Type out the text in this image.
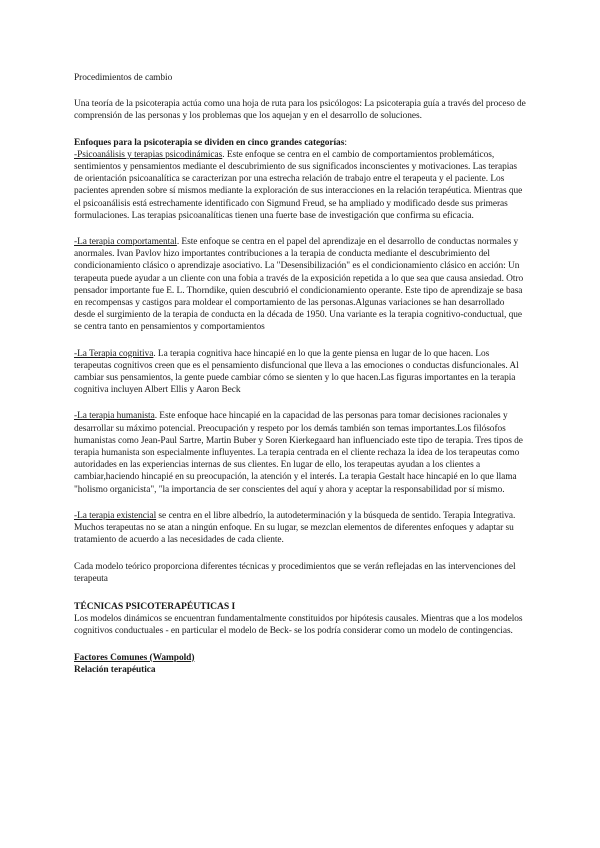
Procedimientos de cambio

Una teoría de la psicoterapia actúa como una hoja de ruta para los psicólogos: La psicoterapia guía a través del proceso de comprensión de las personas y los problemas que los aquejan y en el desarrollo de soluciones.

Enfoques para la psicoterapia se dividen en cinco grandes categorías:

-Psicoanálisis y terapias psicodinámicas. Este enfoque se centra en el cambio de comportamientos problemáticos, sentimientos y pensamientos mediante el descubrimiento de sus significados inconscientes y motivaciones. Las terapias de orientación psicoanalítica se caracterizan por una estrecha relación de trabajo entre el terapeuta y el paciente. Los pacientes aprenden sobre sí mismos mediante la exploración de sus interacciones en la relación terapéutica. Mientras que el psicoanálisis está estrechamente identificado con Sigmund Freud, se ha ampliado y modificado desde sus primeras formulaciones. Las terapias psicoanalíticas tienen una fuerte base de investigación que confirma su eficacia.

-La terapia comportamental. Este enfoque se centra en el papel del aprendizaje en el desarrollo de conductas normales y anormales. Ivan Pavlov hizo importantes contribuciones a la terapia de conducta mediante el descubrimiento del condicionamiento clásico o aprendizaje asociativo. La "Desensibilización" es el condicionamiento clásico en acción: Un terapeuta puede ayudar a un cliente con una fobia a través de la exposición repetida a lo que sea que causa ansiedad. Otro pensador importante fue E. L. Thorndike, quien descubrió el condicionamiento operante. Este tipo de aprendizaje se basa en recompensas y castigos para moldear el comportamiento de las personas.Algunas variaciones se han desarrollado desde el surgimiento de la terapia de conducta en la década de 1950. Una variante es la terapia cognitivo-conductual, que se centra tanto en pensamientos y comportamientos

-La Terapia cognitiva. La terapia cognitiva hace hincapié en lo que la gente piensa en lugar de lo que hacen. Los terapeutas cognitivos creen que es el pensamiento disfuncional que lleva a las emociones o conductas disfuncionales. Al cambiar sus pensamientos, la gente puede cambiar cómo se sienten y lo que hacen.Las figuras importantes en la terapia cognitiva incluyen Albert Ellis y Aaron Beck

-La terapia humanista. Este enfoque hace hincapié en la capacidad de las personas para tomar decisiones racionales y desarrollar su máximo potencial. Preocupación y respeto por los demás también son temas importantes.Los filósofos humanistas como Jean-Paul Sartre, Martin Buber y Soren Kierkegaard han influenciado este tipo de terapia. Tres tipos de terapia humanista son especialmente influyentes. La terapia centrada en el cliente rechaza la idea de los terapeutas como autoridades en las experiencias internas de sus clientes. En lugar de ello, los terapeutas ayudan a los clientes a cambiar,haciendo hincapié en su preocupación, la atención y el interés. La terapia Gestalt hace hincapié en lo que llama "holismo organicista", "la importancia de ser conscientes del aquí y ahora y aceptar la responsabilidad por sí mismo.

-La terapia existencial se centra en el libre albedrío, la autodeterminación y la búsqueda de sentido. Terapia Integrativa. Muchos terapeutas no se atan a ningún enfoque. En su lugar, se mezclan elementos de diferentes enfoques y adaptar su tratamiento de acuerdo a las necesidades de cada cliente.

Cada modelo teórico proporciona diferentes técnicas y procedimientos que se verán reflejadas en las intervenciones del terapeuta

TÉCNICAS PSICOTERAPÉUTICAS I

Los modelos dinámicos se encuentran fundamentalmente constituidos por hipótesis causales. Mientras que a los modelos cognitivos conductuales - en particular el modelo de Beck- se los podría considerar como un modelo de contingencias.

Factores Comunes (Wampold)

Relación terapéutica
